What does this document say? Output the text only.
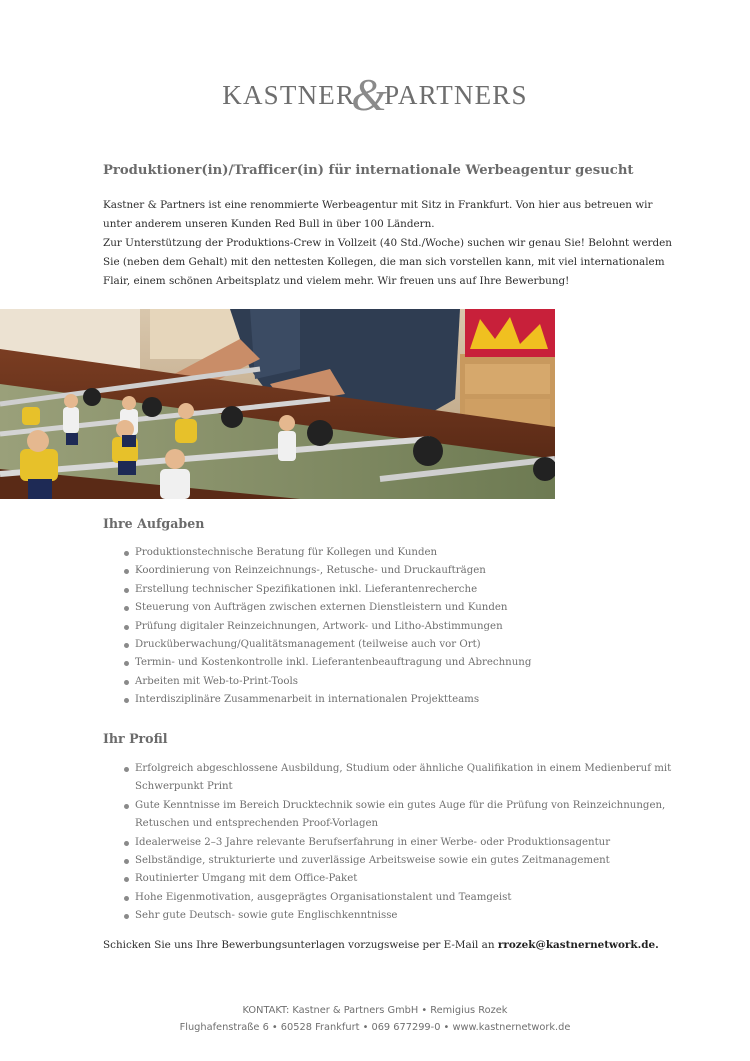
KASTNER&PARTNERS
Produktioner(in)/Trafficer(in) für internationale Werbeagentur gesucht

Kastner & Partners ist eine renommierte Werbeagentur mit Sitz in Frankfurt. Von hier aus betreuen wir unter anderem unseren Kunden Red Bull in über 100 Ländern.

Zur Unterstützung der Produktions-Crew in Vollzeit (40 Std./Woche) suchen wir genau Sie! Belohnt werden Sie (neben dem Gehalt) mit den nettesten Kollegen, die man sich vorstellen kann, mit viel internationalem Flair, einem schönen Arbeitsplatz und vielem mehr. Wir freuen uns auf Ihre Bewerbung!

Ihre Aufgaben
Produktionstechnische Beratung für Kollegen und Kunden
Koordinierung von Reinzeichnungs-, Retusche- und Druckaufträgen
Erstellung technischer Spezifikationen inkl. Lieferantenrecherche
Steuerung von Aufträgen zwischen externen Dienstleistern und Kunden
Prüfung digitaler Reinzeichnungen, Artwork- und Litho-Abstimmungen
Drucküberwachung/Qualitätsmanagement (teilweise auch vor Ort)
Termin- und Kostenkontrolle inkl. Lieferantenbeauftragung und Abrechnung
Arbeiten mit Web-to-Print-Tools
Interdisziplinäre Zusammenarbeit in internationalen Projektteams
Ihr Profil
Erfolgreich abgeschlossene Ausbildung, Studium oder ähnliche Qualifikation in einem Medienberuf mit Schwerpunkt Print
Gute Kenntnisse im Bereich Drucktechnik sowie ein gutes Auge für die Prüfung von Reinzeichnungen, Retuschen und entsprechenden Proof-Vorlagen
Idealerweise 2–3 Jahre relevante Berufserfahrung in einer Werbe- oder Produktionsagentur
Selbständige, strukturierte und zuverlässige Arbeitsweise sowie ein gutes Zeitmanagement
Routinierter Umgang mit dem Office-Paket
Hohe Eigenmotivation, ausgeprägtes Organisationstalent und Teamgeist
Sehr gute Deutsch- sowie gute Englischkenntnisse

Schicken Sie uns Ihre Bewerbungsunterlagen vorzugsweise per E-Mail an rrozek@kastnernetwork.de.

KONTAKT: Kastner & Partners GmbH • Remigius Rozek
Flughafenstraße 6 • 60528 Frankfurt • 069 677299-0 • www.kastnernetwork.de
